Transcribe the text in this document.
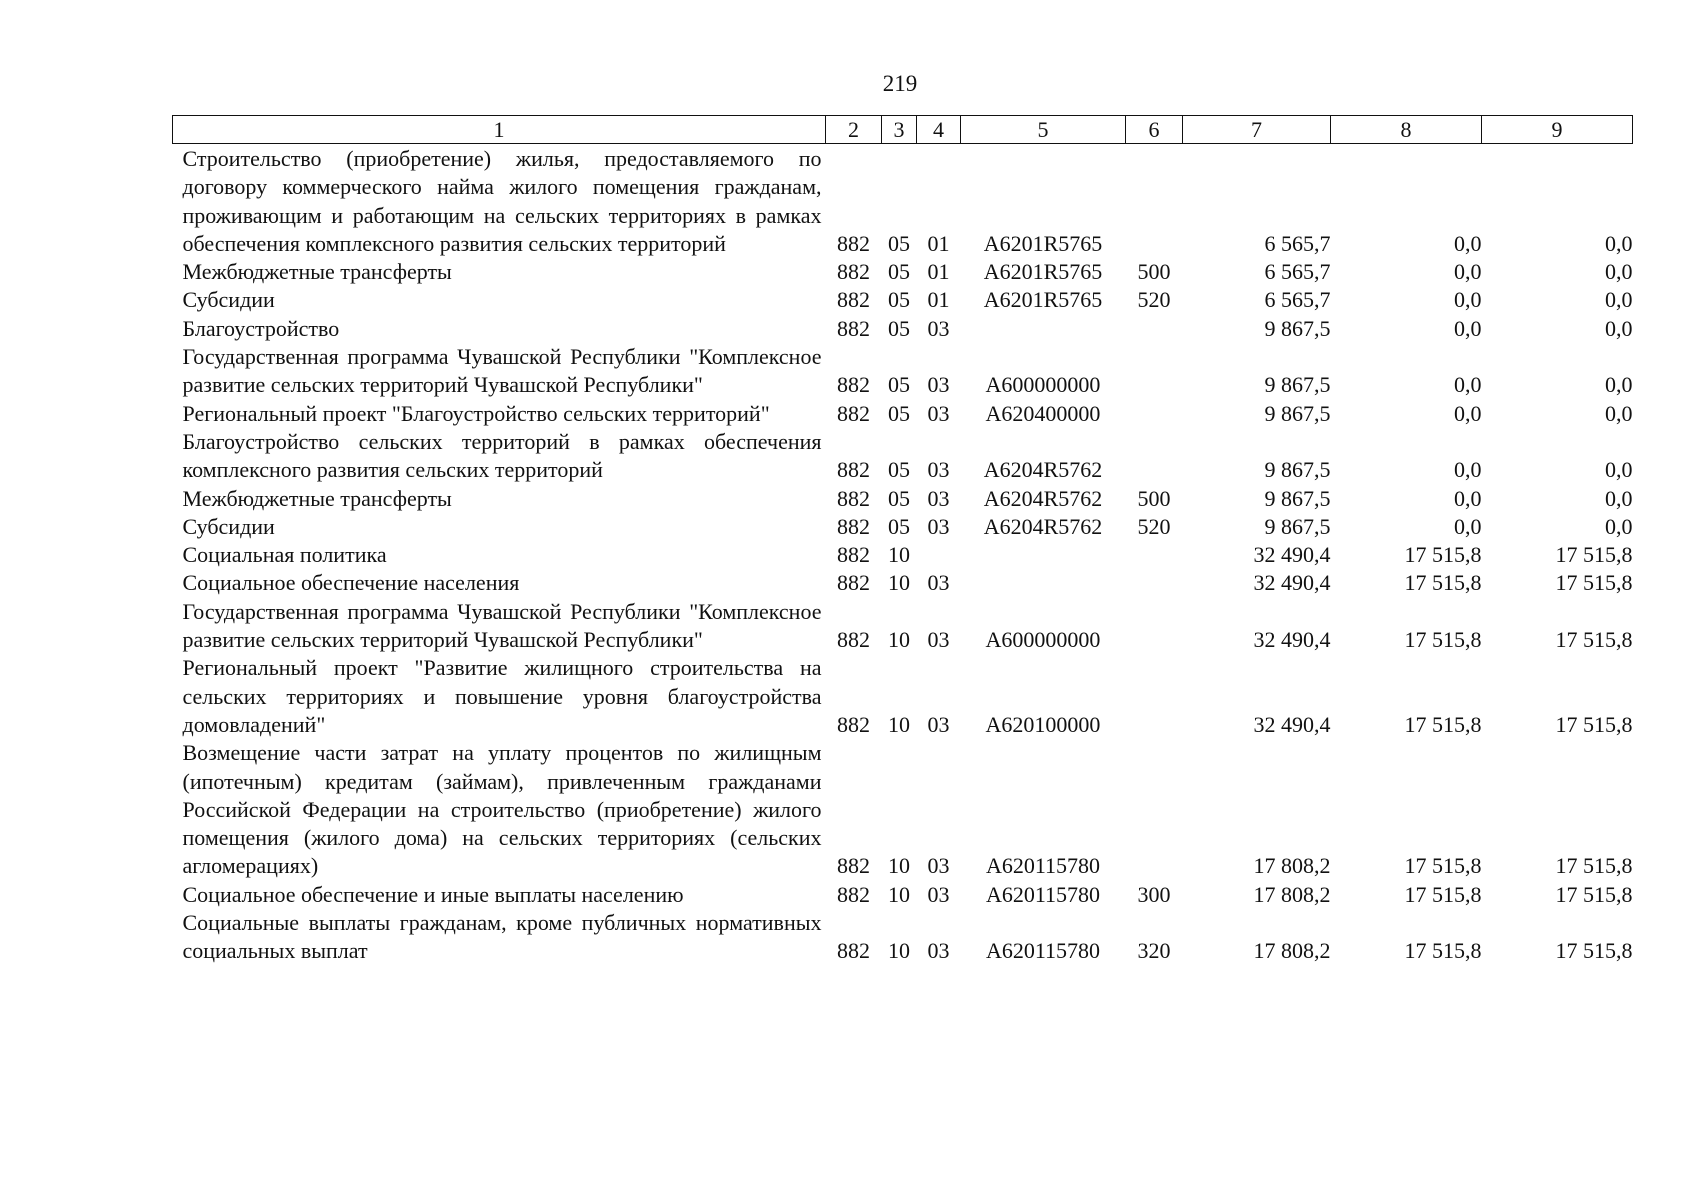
219
1	2	3	4	5	6	7	8	9
Строительство (приобретение) жилья, предоставляемого по договору коммерческого найма жилого помещения гражданам, проживающим и работающим на сельских территориях в рамках обеспечения комплексного развития сельских территорий	882	05	01	А6201R5765		6 565,7	0,0	0,0
Межбюджетные трансферты	882	05	01	А6201R5765	500	6 565,7	0,0	0,0
Субсидии	882	05	01	А6201R5765	520	6 565,7	0,0	0,0
Благоустройство	882	05	03			9 867,5	0,0	0,0
Государственная программа Чувашской Республики "Комплексное развитие сельских территорий Чувашской Республики"	882	05	03	А600000000		9 867,5	0,0	0,0
Региональный проект "Благоустройство сельских территорий"	882	05	03	А620400000		9 867,5	0,0	0,0
Благоустройство сельских территорий в рамках обеспечения комплексного развития сельских территорий	882	05	03	А6204R5762		9 867,5	0,0	0,0
Межбюджетные трансферты	882	05	03	А6204R5762	500	9 867,5	0,0	0,0
Субсидии	882	05	03	А6204R5762	520	9 867,5	0,0	0,0
Социальная политика	882	10				32 490,4	17 515,8	17 515,8
Социальное обеспечение населения	882	10	03			32 490,4	17 515,8	17 515,8
Государственная программа Чувашской Республики "Комплексное развитие сельских территорий Чувашской Республики"	882	10	03	А600000000		32 490,4	17 515,8	17 515,8
Региональный проект "Развитие жилищного строительства на сельских территориях и повышение уровня благоустройства домовладений"	882	10	03	А620100000		32 490,4	17 515,8	17 515,8
Возмещение части затрат на уплату процентов по жилищным (ипотечным) кредитам (займам), привлеченным гражданами Российской Федерации на строительство (приобретение) жилого помещения (жилого дома) на сельских территориях (сельских агломерациях)	882	10	03	А620115780		17 808,2	17 515,8	17 515,8
Социальное обеспечение и иные выплаты населению	882	10	03	А620115780	300	17 808,2	17 515,8	17 515,8
Социальные выплаты гражданам, кроме публичных нормативных социальных выплат	882	10	03	А620115780	320	17 808,2	17 515,8	17 515,8
